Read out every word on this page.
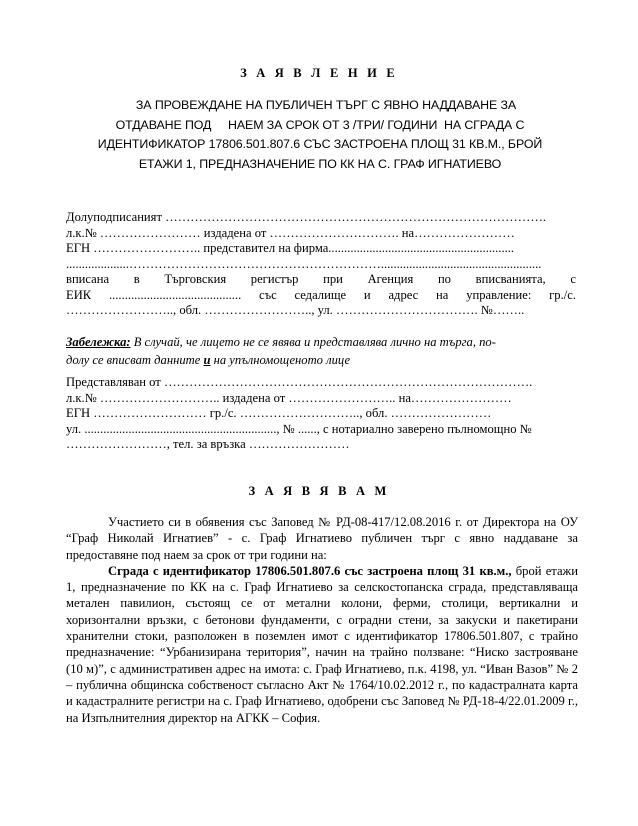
З А Я В Л Е Н И Е
ЗА ПРОВЕЖДАНЕ НА ПУБЛИЧЕН ТЪРГ С ЯВНО НАДДАВАНЕ ЗА
ОТДАВАНЕ ПОД     НАЕМ ЗА СРОК ОТ 3 /ТРИ/ ГОДИНИ  НА СГРАДА С
ИДЕНТИФИКАТОР 17806.501.807.6 СЪС ЗАСТРОЕНА ПЛОЩ 31 КВ.М., БРОЙ
ЕТАЖИ 1, ПРЕДНАЗНАЧЕНИЕ ПО КК НА С. ГРАФ ИГНАТИЕВО
Долуподписаният ……………………………………………………………………………….
л.к.№ …………………… издадена от …………………………. на……………………
ЕГН …………………….. представител на фирма...........................................................
....................……………………………………………………...................................................
вписана в Търговския регистър при Агенция по вписванията, с
ЕИК .......................................... със седалище и адрес на управление: гр./с.
…………………….., обл. …………………….., ул. ……………………………. №……..
Забележка: В случай, че лицето не се явява и представлява лично на търга, по-
долу се вписват данните и на упълномощеното лице
Представляван от …………………………………………………………………………….
л.к.№ ……………………….. издадена от …………………….. на……………………
ЕГН ……………………… гр./с. ……………………….., обл. ……………………
ул. ............................................................., № ......, с нотариално заверено пълномощно №
……………………, тел. за връзка ……………………
З А Я В Я В А М

Участието си в обявения със Заповед № РД-08-417/12.08.2016 г. от Директора на ОУ “Граф Николай Игнатиев” - с. Граф Игнатиево публичен търг с явно наддаване за предоставяне под наем за срок от три години на:

Сграда с идентификатор 17806.501.807.6 със застроена площ 31 кв.м., брой етажи 1, предназначение по КК на с. Граф Игнатиево за селскостопанска сграда, представляваща метален павилион, състоящ се от метални колони, ферми, столици, вертикални и хоризонтални връзки, с бетонови фундаменти, с оградни стени, за закуски и пакетирани хранителни стоки, разположен в поземлен имот с идентификатор 17806.501.807, с трайно предназначение: “Урбанизирана територия”, начин на трайно ползване: “Ниско застрояване (10 м)”, с административен адрес на имота: с. Граф Игнатиево, п.к. 4198, ул. “Иван Вазов” № 2 – публична общинска собственост съгласно Акт № 1764/10.02.2012 г., по кадастралната карта и кадастралните регистри на с. Граф Игнатиево, одобрени със Заповед № РД-18-4/22.01.2009 г., на Изпълнителния директор на АГКК – София.
